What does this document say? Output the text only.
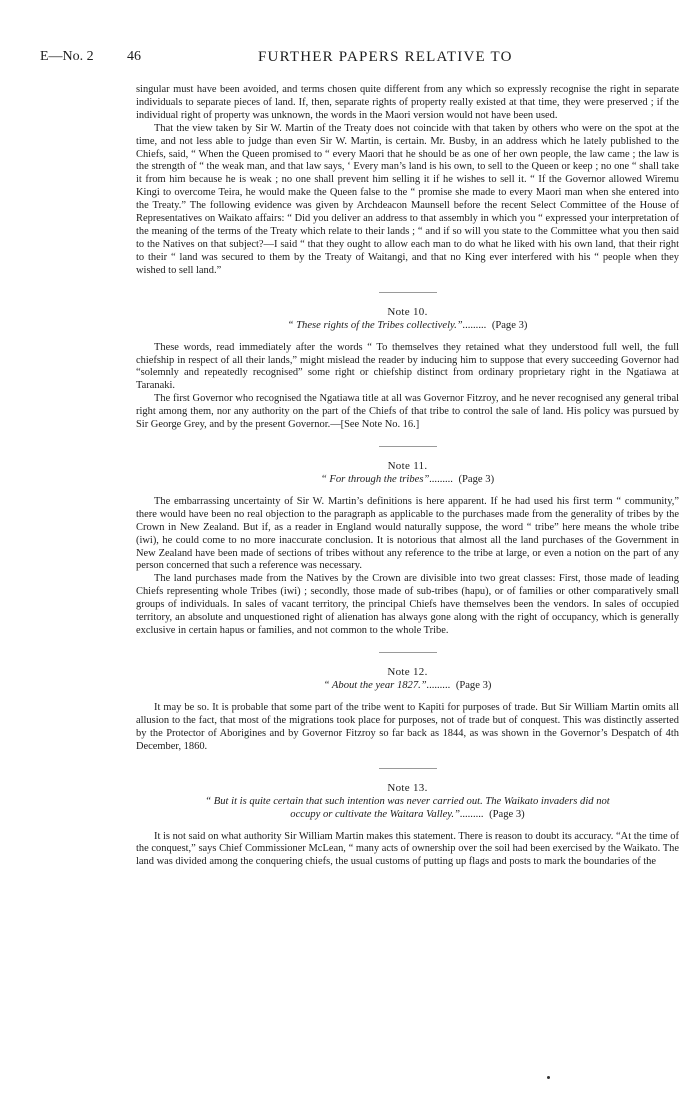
E—No. 2 46	FURTHER PAPERS RELATIVE TO

singular must have been avoided, and terms chosen quite different from any which so expressly recognise the right in separate individuals to separate pieces of land. If, then, separate rights of property really existed at that time, they were preserved ; if the individual right of property was unknown, the words in the Maori version would not have been used.

That the view taken by Sir W. Martin of the Treaty does not coincide with that taken by others who were on the spot at the time, and not less able to judge than even Sir W. Martin, is certain. Mr. Busby, in an address which he lately published to the Chiefs, said, “ When the Queen promised to “ every Maori that he should be as one of her own people, the law came ; the law is the strength of “ the weak man, and that law says, ‘ Every man’s land is his own, to sell to the Queen or keep ; no one “ shall take it from him because he is weak ; no one shall prevent him selling it if he wishes to sell it. “ If the Governor allowed Wiremu Kingi to overcome Teira, he would make the Queen false to the “ promise she made to every Maori man when she entered into the Treaty.” The following evidence was given by Archdeacon Maunsell before the recent Select Committee of the House of Representatives on Waikato affairs: “ Did you deliver an address to that assembly in which you “ expressed your interpretation of the meaning of the terms of the Treaty which relate to their lands ; “ and if so will you state to the Committee what you then said to the Natives on that subject?—I said “ that they ought to allow each man to do what he liked with his own land, that their right to their “ land was secured to them by the Treaty of Waitangi, and that no King ever interfered with his “ people when they wished to sell land.”

Note 10.

“ These rights of the Tribes collectively.”......... (Page 3)

These words, read immediately after the words “ To themselves they retained what they understood full well, the full chiefship in respect of all their lands,” might mislead the reader by inducing him to suppose that every succeeding Governor had “solemnly and repeatedly recognised” some right or chiefship distinct from ordinary proprietary right in the Ngatiawa at Taranaki.

The first Governor who recognised the Ngatiawa title at all was Governor Fitzroy, and he never recognised any general tribal right among them, nor any authority on the part of the Chiefs of that tribe to control the sale of land. His policy was pursued by Sir George Grey, and by the present Governor.—[See Note No. 16.]

Note 11.

“ For through the tribes”......... (Page 3)

The embarrassing uncertainty of Sir W. Martin’s definitions is here apparent. If he had used his first term “ community,” there would have been no real objection to the paragraph as applicable to the purchases made from the generality of tribes by the Crown in New Zealand. But if, as a reader in England would naturally suppose, the word “ tribe” here means the whole tribe (iwi), he could come to no more inaccurate conclusion. It is notorious that almost all the land purchases of the Government in New Zealand have been made of sections of tribes without any reference to the tribe at large, or even a notion on the part of any person concerned that such a reference was necessary.

The land purchases made from the Natives by the Crown are divisible into two great classes: First, those made of leading Chiefs representing whole Tribes (iwi) ; secondly, those made of sub-tribes (hapu), or of families or other comparatively small groups of individuals. In sales of vacant territory, the principal Chiefs have themselves been the vendors. In sales of occupied territory, an absolute and unquestioned right of alienation has always gone along with the right of occupancy, which is generally exclusive in certain hapus or families, and not common to the whole Tribe.

Note 12.

“ About the year 1827.”......... (Page 3)

It may be so. It is probable that some part of the tribe went to Kapiti for purposes of trade. But Sir William Martin omits all allusion to the fact, that most of the migrations took place for purposes, not of trade but of conquest. This was distinctly asserted by the Protector of Aborigines and by Governor Fitzroy so far back as 1844, as was shown in the Governor’s Despatch of 4th December, 1860.

Note 13.

“ But it is quite certain that such intention was never carried out. The Waikato invaders did not

occupy or cultivate the Waitara Valley.”......... (Page 3)

It is not said on what authority Sir William Martin makes this statement. There is reason to doubt its accuracy. “At the time of the conquest,” says Chief Commissioner McLean, “ many acts of ownership over the soil had been exercised by the Waikato. The land was divided among the conquering chiefs, the usual customs of putting up flags and posts to mark the boundaries of the
